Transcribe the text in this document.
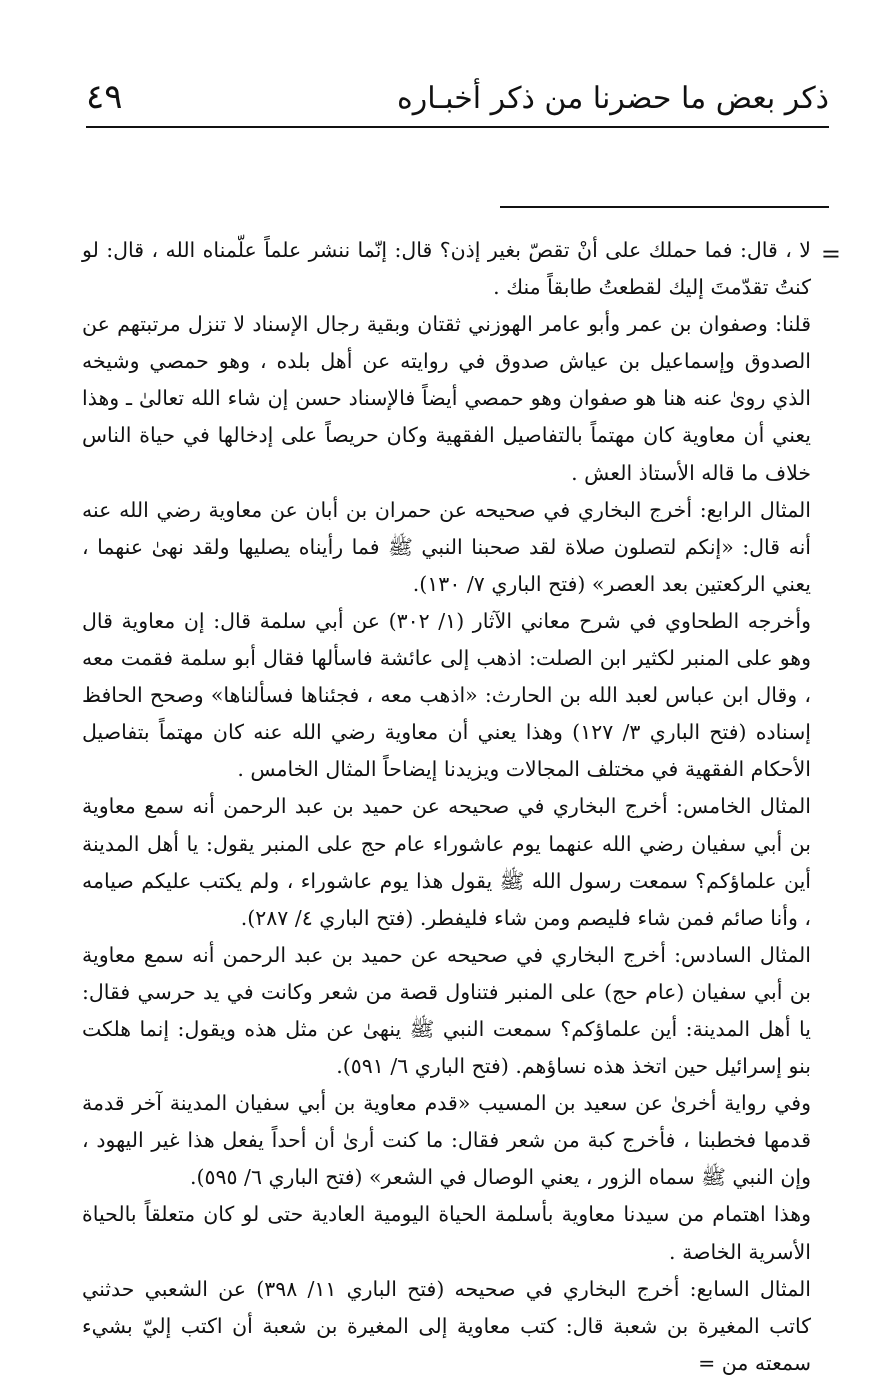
ذكر بعض ما حضرنا من ذكر أخبـاره
٤٩
=

لا ، قال: فما حملك على أنْ تقصّ بغير إذن؟ قال: إنّما ننشر علماً علّمناه الله ، قال: لو كنتُ تقدّمتَ إليك لقطعتُ طابقاً منك .

قلنا: وصفوان بن عمر وأبو عامر الهوزني ثقتان وبقية رجال الإسناد لا تنزل مرتبتهم عن الصدوق وإسماعيل بن عياش صدوق في روايته عن أهل بلده ، وهو حمصي وشيخه الذي روىٰ عنه هنا هو صفوان وهو حمصي أيضاً فالإسناد حسن إن شاء الله تعالىٰ ـ وهذا يعني أن معاوية كان مهتماً بالتفاصيل الفقهية وكان حريصاً على إدخالها في حياة الناس خلاف ما قاله الأستاذ العش .

المثال الرابع: أخرج البخاري في صحيحه عن حمران بن أبان عن معاوية رضي الله عنه أنه قال: «إنكم لتصلون صلاة لقد صحبنا النبي ﷺ فما رأيناه يصليها ولقد نهىٰ عنهما ، يعني الركعتين بعد العصر» (فتح الباري ٧/ ١٣٠).

وأخرجه الطحاوي في شرح معاني الآثار (١/ ٣٠٢) عن أبي سلمة قال: إن معاوية قال وهو على المنبر لكثير ابن الصلت: اذهب إلى عائشة فاسألها فقال أبو سلمة فقمت معه ، وقال ابن عباس لعبد الله بن الحارث: «اذهب معه ، فجئناها فسألناها» وصحح الحافظ إسناده (فتح الباري ٣/ ١٢٧) وهذا يعني أن معاوية رضي الله عنه كان مهتماً بتفاصيل الأحكام الفقهية في مختلف المجالات ويزيدنا إيضاحاً المثال الخامس .

المثال الخامس: أخرج البخاري في صحيحه عن حميد بن عبد الرحمن أنه سمع معاوية بن أبي سفيان رضي الله عنهما يوم عاشوراء عام حج على المنبر يقول: يا أهل المدينة أين علماؤكم؟ سمعت رسول الله ﷺ يقول هذا يوم عاشوراء ، ولم يكتب عليكم صيامه ، وأنا صائم فمن شاء فليصم ومن شاء فليفطر. (فتح الباري ٤/ ٢٨٧).

المثال السادس: أخرج البخاري في صحيحه عن حميد بن عبد الرحمن أنه سمع معاوية بن أبي سفيان (عام حج) على المنبر فتناول قصة من شعر وكانت في يد حرسي فقال: يا أهل المدينة: أين علماؤكم؟ سمعت النبي ﷺ ينهىٰ عن مثل هذه ويقول: إنما هلكت بنو إسرائيل حين اتخذ هذه نساؤهم. (فتح الباري ٦/ ٥٩١).

وفي رواية أخرىٰ عن سعيد بن المسيب «قدم معاوية بن أبي سفيان المدينة آخر قدمة قدمها فخطبنا ، فأخرج كبة من شعر فقال: ما كنت أرىٰ أن أحداً يفعل هذا غير اليهود ، وإن النبي ﷺ سماه الزور ، يعني الوصال في الشعر» (فتح الباري ٦/ ٥٩٥).

وهذا اهتمام من سيدنا معاوية بأسلمة الحياة اليومية العادية حتى لو كان متعلقاً بالحياة الأسرية الخاصة .

المثال السابع: أخرج البخاري في صحيحه (فتح الباري ١١/ ٣٩٨) عن الشعبي حدثني كاتب المغيرة بن شعبة قال: كتب معاوية إلى المغيرة بن شعبة أن اكتب إليّ بشيء سمعته من =
